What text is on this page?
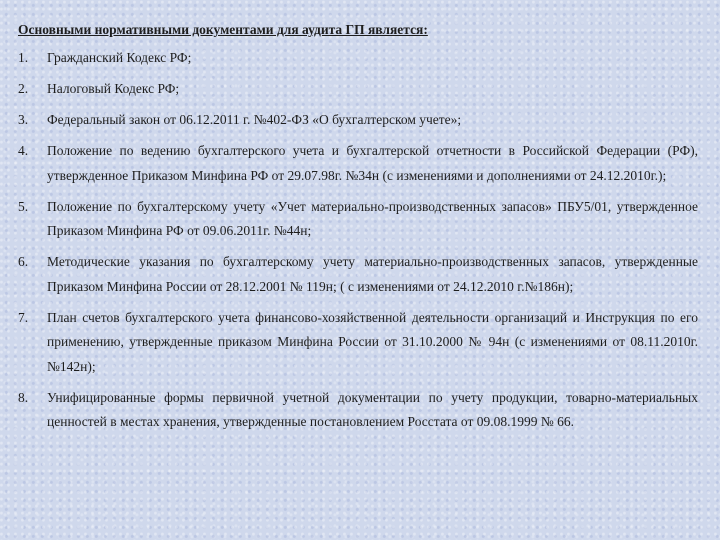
Основными нормативными документами для аудита ГП является:
1.	Гражданский Кодекс РФ;
2.	Налоговый Кодекс РФ;
3.	Федеральный закон от 06.12.2011 г. №402-ФЗ «О бухгалтерском учете»;
4.	Положение по ведению бухгалтерского учета и бухгалтерской отчетности в Российской Федерации (РФ), утвержденное Приказом Минфина РФ от 29.07.98г. №34н (с изменениями и дополнениями от 24.12.2010г.);
5.	Положение по бухгалтерскому учету «Учет материально-производственных запасов» ПБУ5/01, утвержденное Приказом Минфина РФ от 09.06.2011г. №44н;
6.	Методические указания по бухгалтерскому учету материально-производственных запасов, утвержденные Приказом Минфина России от 28.12.2001 № 119н; ( с изменениями от 24.12.2010 г.№186н);
7.	План счетов бухгалтерского учета финансово-хозяйственной деятельности организаций и Инструкция по его применению, утвержденные приказом Минфина России от 31.10.2000 № 94н (с изменениями от 08.11.2010г. №142н);
8.	Унифицированные формы первичной учетной документации по учету продукции, товарно-материальных ценностей в местах хранения, утвержденные постановлением Росстата от 09.08.1999 № 66.
